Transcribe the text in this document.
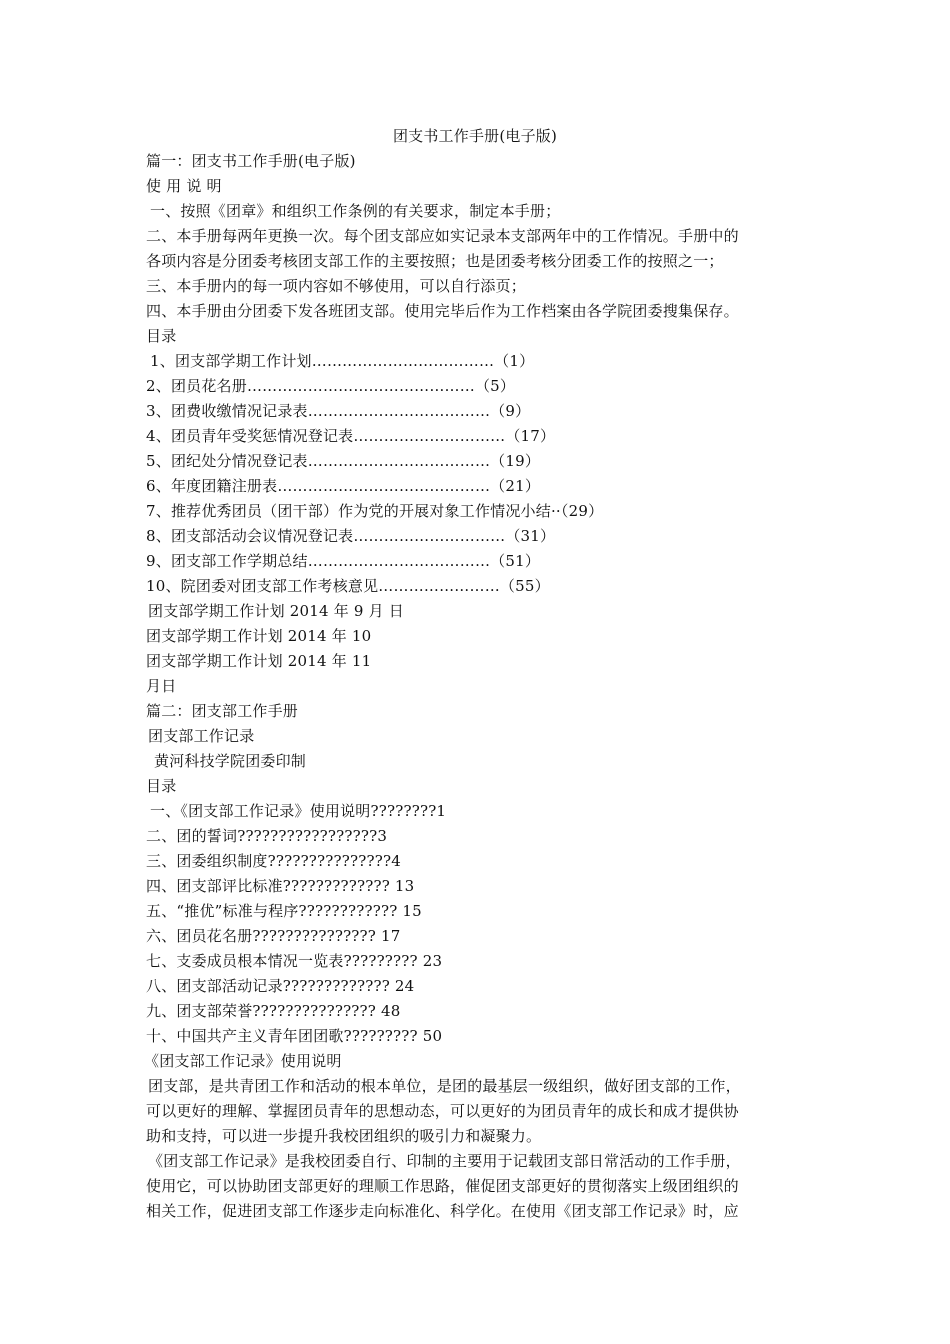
团支书工作手册(电子版)
篇一：团支书工作手册(电子版)
使 用 说 明
一、按照《团章》和组织工作条例的有关要求，制定本手册；
二、本手册每两年更换一次。每个团支部应如实记录本支部两年中的工作情况。手册中的
各项内容是分团委考核团支部工作的主要按照；也是团委考核分团委工作的按照之一；
三、本手册内的每一项内容如不够使用，可以自行添页；
四、本手册由分团委下发各班团支部。使用完毕后作为工作档案由各学院团委搜集保存。
目录
1、团支部学期工作计划………………………………（1）
2、团员花名册………………………………………（5）
3、团费收缴情况记录表………………………………（9）
4、团员青年受奖惩情况登记表…………………………（17）
5、团纪处分情况登记表………………………………（19）
6、年度团籍注册表……………………………………（21）
7、推荐优秀团员（团干部）作为党的开展对象工作情况小结··（29）
8、团支部活动会议情况登记表…………………………（31）
9、团支部工作学期总结………………………………（51）
10、院团委对团支部工作考核意见……………………（55）
团支部学期工作计划 2014 年 9 月 日
团支部学期工作计划 2014 年 10
团支部学期工作计划 2014 年 11
月日
篇二：团支部工作手册
团支部工作记录
黄河科技学院团委印制
目录
一、《团支部工作记录》使用说明????????1
二、团的誓词?????????????????3
三、团委组织制度???????????????4
四、团支部评比标准????????????? 13
五、“推优”标准与程序???????????? 15
六、团员花名册??????????????? 17
七、支委成员根本情况一览表????????? 23
八、团支部活动记录????????????? 24
九、团支部荣誉??????????????? 48
十、中国共产主义青年团团歌????????? 50
《团支部工作记录》使用说明
团支部，是共青团工作和活动的根本单位，是团的最基层一级组织，做好团支部的工作，
可以更好的理解、掌握团员青年的思想动态，可以更好的为团员青年的成长和成才提供协
助和支持，可以进一步提升我校团组织的吸引力和凝聚力。
《团支部工作记录》是我校团委自行、印制的主要用于记载团支部日常活动的工作手册，
使用它，可以协助团支部更好的理顺工作思路，催促团支部更好的贯彻落实上级团组织的
相关工作，促进团支部工作逐步走向标准化、科学化。在使用《团支部工作记录》时，应
